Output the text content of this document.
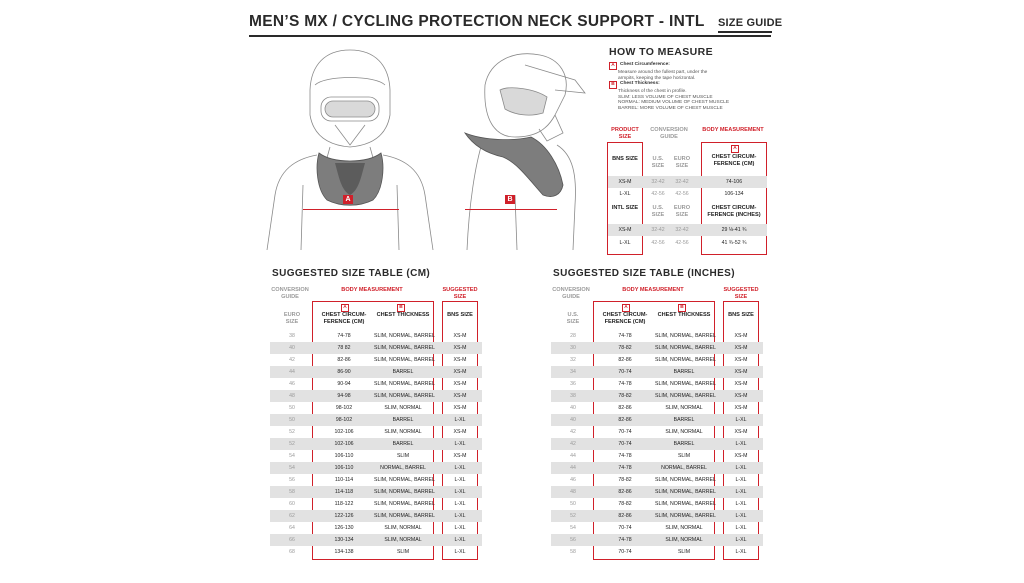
MEN’S MX / CYCLING PROTECTION NECK SUPPORT - INTL SIZE GUIDE
A	B
HOW TO MEASURE
A Chest Circumference:
Measure around the fullest part, under the
armpits, keeping the tape horizontal.
B Chest Thickness:
Thickness of the chest in profile.
SLIM: LESS VOLUME OF CHEST MUSCLE
NORMAL: MEDIUM VOLUME OF CHEST MUSCLE
BARREL: MORE VOLUME OF CHEST MUSCLE
PRODUCT SIZE
CONVERSION GUIDE
BODY MEASUREMENT
A
BNS SIZE	U.S. SIZE
EURO SIZE
CHEST CIRCUM-FERENCE (CM)
XS-M	32-42	32-42	74-106
L-XL	42-56	42-56	106-134
INTL SIZE	U.S. SIZE
EURO SIZE
CHEST CIRCUM-FERENCE (INCHES)
XS-M	32-42	32-42	29 ⅛-41 ¾
L-XL	42-56	42-56	41 ¾-52 ¾
SUGGESTED SIZE TABLE (CM)
CONVERSION GUIDE
BODY MEASUREMENT	SUGGESTED SIZE
A	B
EURO SIZE
CHEST CIRCUM-FERENCE (CM)
CHEST THICKNESS	BNS SIZE
38	74-78	SLIM, NORMAL, BARREL	XS-M
40	78 82	SLIM, NORMAL, BARREL	XS-M
42	82-86	SLIM, NORMAL, BARREL	XS-M
44	86-90	BARREL	XS-M
46	90-94	SLIM, NORMAL, BARREL	XS-M
48	94-98	SLIM, NORMAL, BARREL	XS-M
50	98-102	SLIM, NORMAL	XS-M
50	98-102	BARREL	L-XL
52	102-106	SLIM, NORMAL	XS-M
52	102-106	BARREL	L-XL
54	106-110	SLIM	XS-M
54	106-110	NORMAL, BARREL	L-XL
56	110-114	SLIM, NORMAL, BARREL	L-XL
58	114-118	SLIM, NORMAL, BARREL	L-XL
60	118-122	SLIM, NORMAL, BARREL	L-XL
62	122-126	SLIM, NORMAL, BARREL	L-XL
64	126-130	SLIM, NORMAL	L-XL
66	130-134	SLIM, NORMAL	L-XL
68	134-138	SLIM	L-XL
SUGGESTED SIZE TABLE (INCHES)
CONVERSION GUIDE
BODY MEASUREMENT	SUGGESTED SIZE
A	B
U.S. SIZE
CHEST CIRCUM-FERENCE (CM)
CHEST THICKNESS	BNS SIZE
28	74-78	SLIM, NORMAL, BARREL	XS-M
30	78-82	SLIM, NORMAL, BARREL	XS-M
32	82-86	SLIM, NORMAL, BARREL	XS-M
34	70-74	BARREL	XS-M
36	74-78	SLIM, NORMAL, BARREL	XS-M
38	78-82	SLIM, NORMAL, BARREL	XS-M
40	82-86	SLIM, NORMAL	XS-M
40	82-86	BARREL	L-XL
42	70-74	SLIM, NORMAL	XS-M
42	70-74	BARREL	L-XL
44	74-78	SLIM	XS-M
44	74-78	NORMAL, BARREL	L-XL
46	78-82	SLIM, NORMAL, BARREL	L-XL
48	82-86	SLIM, NORMAL, BARREL	L-XL
50	78-82	SLIM, NORMAL, BARREL	L-XL
52	82-86	SLIM, NORMAL, BARREL	L-XL
54	70-74	SLIM, NORMAL	L-XL
56	74-78	SLIM, NORMAL	L-XL
58	70-74	SLIM	L-XL
